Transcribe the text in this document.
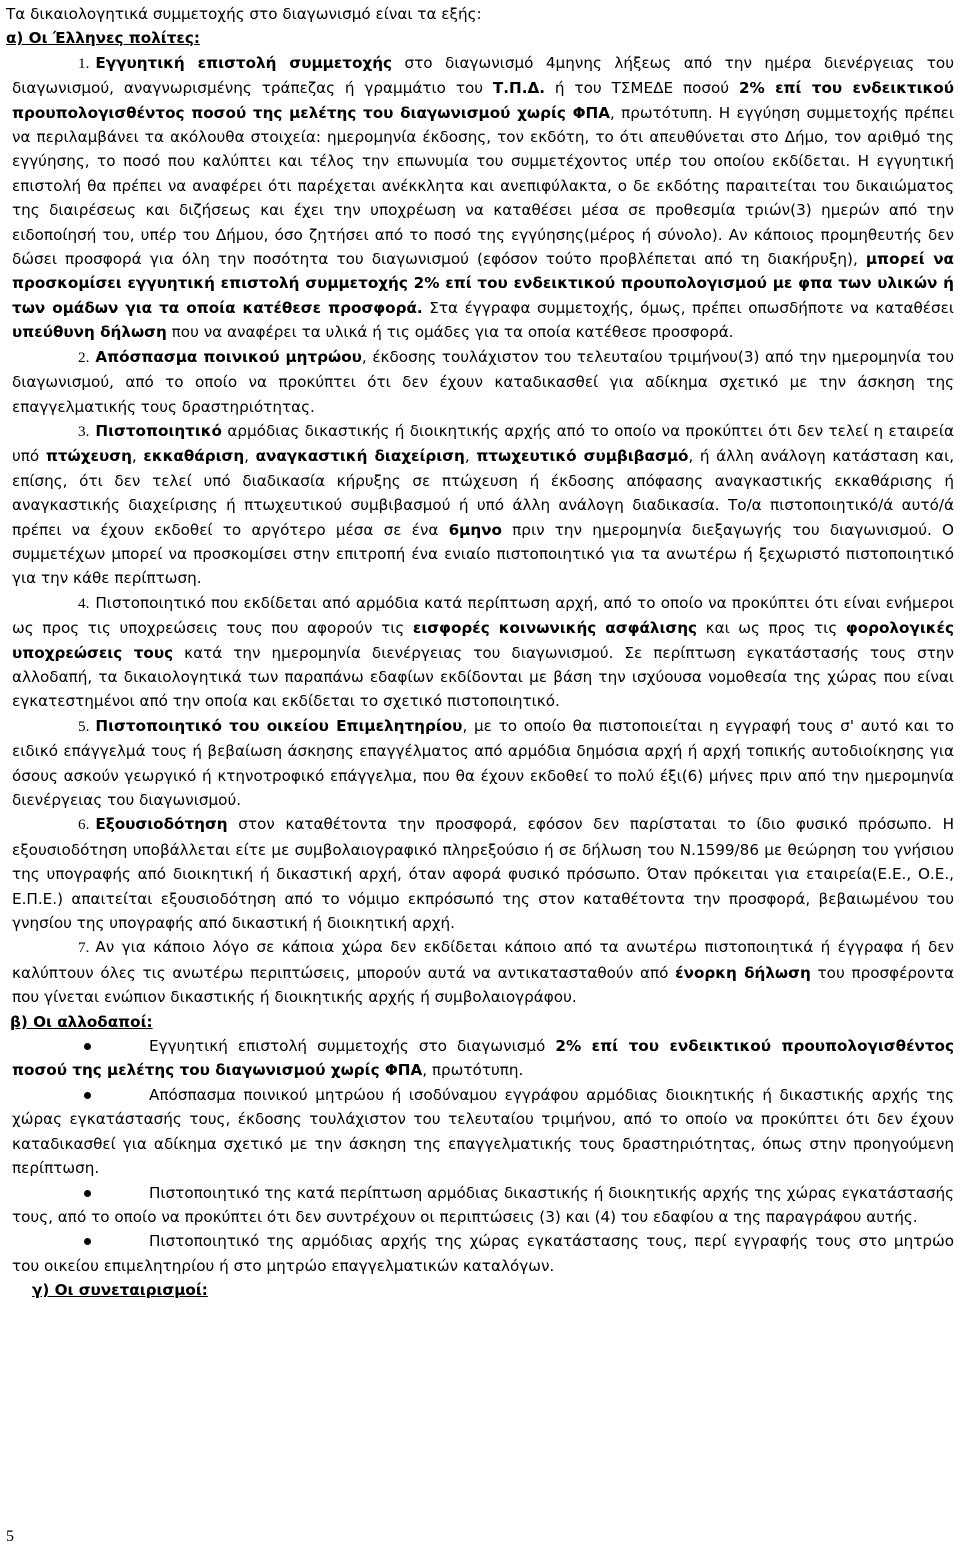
Τα δικαιολογητικά συμμετοχής στο διαγωνισμό είναι τα εξής:
α) Οι Έλληνες πολίτες:
1. Εγγυητική επιστολή συμμετοχής στο διαγωνισμό 4μηνης λήξεως από την ημέρα διενέργειας του διαγωνισμού, αναγνωρισμένης τράπεζας ή γραμμάτιο του Τ.Π.Δ. ή του ΤΣΜΕΔΕ ποσού 2% επί του ενδεικτικού προυπολογισθέντος ποσού της μελέτης του διαγωνισμού χωρίς ΦΠΑ, πρωτότυπη. Η εγγύηση συμμετοχής πρέπει να περιλαμβάνει τα ακόλουθα στοιχεία: ημερομηνία έκδοσης, τον εκδότη, το ότι απευθύνεται στο Δήμο, τον αριθμό της εγγύησης, το ποσό που καλύπτει και τέλος την επωνυμία του συμμετέχοντος υπέρ του οποίου εκδίδεται. Η εγγυητική επιστολή θα πρέπει να αναφέρει ότι παρέχεται ανέκκλητα και ανεπιφύλακτα, ο δε εκδότης παραιτείται του δικαιώματος της διαιρέσεως και διζήσεως και έχει την υποχρέωση να καταθέσει μέσα σε προθεσμία τριών(3) ημερών από την ειδοποίησή του, υπέρ του Δήμου, όσο ζητήσει από το ποσό της εγγύησης(μέρος ή σύνολο). Αν κάποιος προμηθευτής δεν δώσει προσφορά για όλη την ποσότητα του διαγωνισμού (εφόσον τούτο προβλέπεται από τη διακήρυξη), μπορεί να προσκομίσει εγγυητική επιστολή συμμετοχής 2% επί του ενδεικτικού προυπολογισμού με φπα των υλικών ή των ομάδων για τα οποία κατέθεσε προσφορά. Στα έγγραφα συμμετοχής, όμως, πρέπει οπωσδήποτε να καταθέσει υπεύθυνη δήλωση που να αναφέρει τα υλικά ή τις ομάδες για τα οποία κατέθεσε προσφορά.
2. Απόσπασμα ποινικού μητρώου, έκδοσης τουλάχιστον του τελευταίου τριμήνου(3) από την ημερομηνία του διαγωνισμού, από το οποίο να προκύπτει ότι δεν έχουν καταδικασθεί για αδίκημα σχετικό με την άσκηση της επαγγελματικής τους δραστηριότητας.
3. Πιστοποιητικό αρμόδιας δικαστικής ή διοικητικής αρχής από το οποίο να προκύπτει ότι δεν τελεί η εταιρεία υπό πτώχευση, εκκαθάριση, αναγκαστική διαχείριση, πτωχευτικό συμβιβασμό, ή άλλη ανάλογη κατάσταση και, επίσης, ότι δεν τελεί υπό διαδικασία κήρυξης σε πτώχευση ή έκδοσης απόφασης αναγκαστικής εκκαθάρισης ή αναγκαστικής διαχείρισης ή πτωχευτικού συμβιβασμού ή υπό άλλη ανάλογη διαδικασία. Το/α πιστοποιητικό/ά αυτό/ά πρέπει να έχουν εκδοθεί το αργότερο μέσα σε ένα 6μηνο πριν την ημερομηνία διεξαγωγής του διαγωνισμού. Ο συμμετέχων μπορεί να προσκομίσει στην επιτροπή ένα ενιαίο πιστοποιητικό για τα ανωτέρω ή ξεχωριστό πιστοποιητικό για την κάθε περίπτωση.
4. Πιστοποιητικό που εκδίδεται από αρμόδια κατά περίπτωση αρχή, από το οποίο να προκύπτει ότι είναι ενήμεροι ως προς τις υποχρεώσεις τους που αφορούν τις εισφορές κοινωνικής ασφάλισης και ως προς τις φορολογικές υποχρεώσεις τους κατά την ημερομηνία διενέργειας του διαγωνισμού. Σε περίπτωση εγκατάστασής τους στην αλλοδαπή, τα δικαιολογητικά των παραπάνω εδαφίων εκδίδονται με βάση την ισχύουσα νομοθεσία της χώρας που είναι εγκατεστημένοι από την οποία και εκδίδεται το σχετικό πιστοποιητικό.
5. Πιστοποιητικό του οικείου Επιμελητηρίου, με το οποίο θα πιστοποιείται η εγγραφή τους σ' αυτό και το ειδικό επάγγελμά τους ή βεβαίωση άσκησης επαγγέλματος από αρμόδια δημόσια αρχή ή αρχή τοπικής αυτοδιοίκησης για όσους ασκούν γεωργικό ή κτηνοτροφικό επάγγελμα, που θα έχουν εκδοθεί το πολύ έξι(6) μήνες πριν από την ημερομηνία διενέργειας του διαγωνισμού.
6. Εξουσιοδότηση στον καταθέτοντα την προσφορά, εφόσον δεν παρίσταται το ίδιο φυσικό πρόσωπο. Η εξουσιοδότηση υποβάλλεται είτε με συμβολαιογραφικό πληρεξούσιο ή σε δήλωση του Ν.1599/86 με θεώρηση του γνήσιου της υπογραφής από διοικητική ή δικαστική αρχή, όταν αφορά φυσικό πρόσωπο. Όταν πρόκειται για εταιρεία(Ε.Ε., Ο.Ε., Ε.Π.Ε.) απαιτείται εξουσιοδότηση από το νόμιμο εκπρόσωπό της στον καταθέτοντα την προσφορά, βεβαιωμένου του γνησίου της υπογραφής από δικαστική ή διοικητική αρχή.
7. Αν για κάποιο λόγο σε κάποια χώρα δεν εκδίδεται κάποιο από τα ανωτέρω πιστοποιητικά ή έγγραφα ή δεν καλύπτουν όλες τις ανωτέρω περιπτώσεις, μπορούν αυτά να αντικατασταθούν από ένορκη δήλωση του προσφέροντα που γίνεται ενώπιον δικαστικής ή διοικητικής αρχής ή συμβολαιογράφου.
β) Οι αλλοδαποί:
Εγγυητική επιστολή συμμετοχής στο διαγωνισμό 2% επί του ενδεικτικού προυπολογισθέντος ποσού της μελέτης του διαγωνισμού χωρίς ΦΠΑ, πρωτότυπη.
Απόσπασμα ποινικού μητρώου ή ισοδύναμου εγγράφου αρμόδιας διοικητικής ή δικαστικής αρχής της χώρας εγκατάστασής τους, έκδοσης τουλάχιστον του τελευταίου τριμήνου, από το οποίο να προκύπτει ότι δεν έχουν καταδικασθεί για αδίκημα σχετικό με την άσκηση της επαγγελματικής τους δραστηριότητας, όπως στην προηγούμενη περίπτωση.
Πιστοποιητικό της κατά περίπτωση αρμόδιας δικαστικής ή διοικητικής αρχής της χώρας εγκατάστασής τους, από το οποίο να προκύπτει ότι δεν συντρέχουν οι περιπτώσεις (3) και (4) του εδαφίου α της παραγράφου αυτής.
Πιστοποιητικό της αρμόδιας αρχής της χώρας εγκατάστασης τους, περί εγγραφής τους στο μητρώο του οικείου επιμελητηρίου ή στο μητρώο επαγγελματικών καταλόγων.
γ) Οι συνεταιρισμοί:
5
